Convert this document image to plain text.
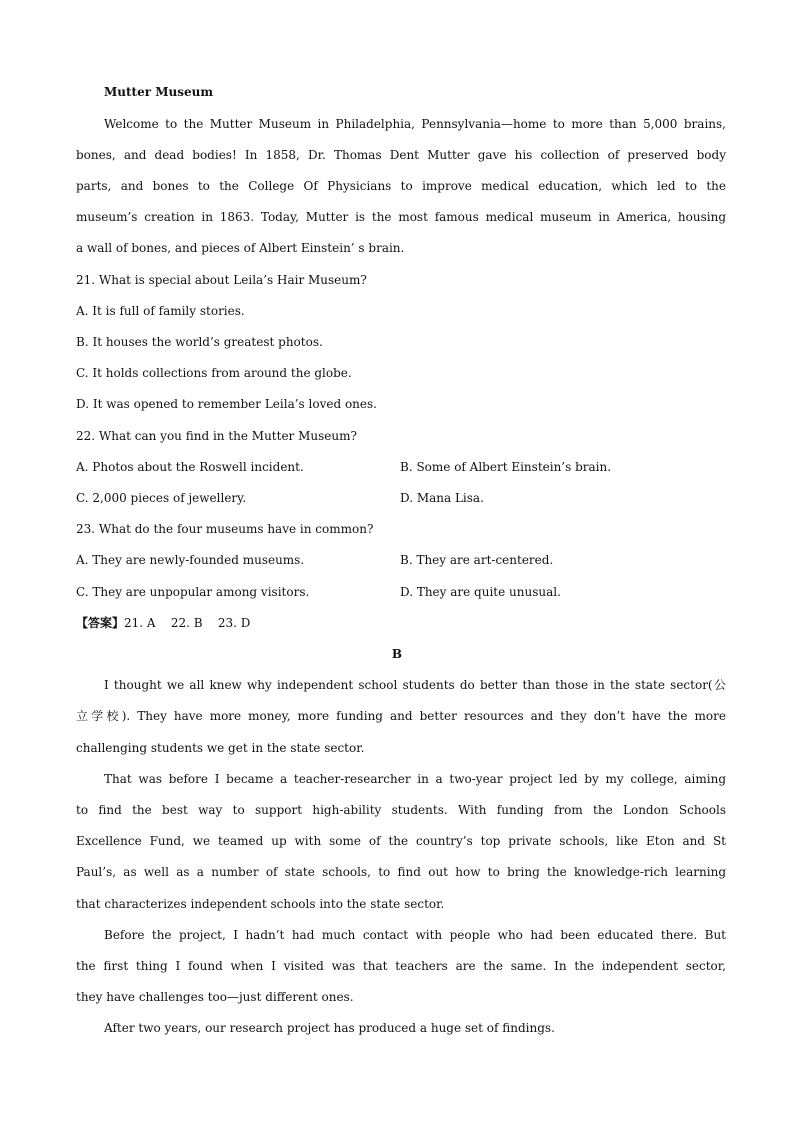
Mutter Museum
Welcome to the Mutter Museum in Philadelphia, Pennsylvania—home to more than 5,000 brains,
bones, and dead bodies! In 1858, Dr. Thomas Dent Mutter gave his collection of preserved body
parts, and bones to the College Of Physicians to improve medical education, which led to the
museum’s creation in 1863. Today, Mutter is the most famous medical museum in America, housing
a wall of bones, and pieces of Albert Einstein’ s brain.
21. What is special about Leila’s Hair Museum?
A. It is full of family stories.
B. It houses the world’s greatest photos.
C. It holds collections from around the globe.
D. It was opened to remember Leila’s loved ones.
22. What can you find in the Mutter Museum?
A. Photos about the Roswell incident.	B. Some of Albert Einstein’s brain.
C. 2,000 pieces of jewellery.	D. Mana Lisa.
23. What do the four museums have in common?
A. They are newly-founded museums.	B. They are art-centered.
C. They are unpopular among visitors.	D. They are quite unusual.
【答案】21. A    22. B    23. D
B
I thought we all knew why independent school students do better than those in the state sector(公
立学校). They have more money, more funding and better resources and they don’t have the more
challenging students we get in the state sector.
That was before I became a teacher-researcher in a two-year project led by my college, aiming
to find the best way to support high-ability students. With funding from the London Schools
Excellence Fund, we teamed up with some of the country’s top private schools, like Eton and St
Paul’s, as well as a number of state schools, to find out how to bring the knowledge-rich learning
that characterizes independent schools into the state sector.
Before the project, I hadn’t had much contact with people who had been educated there. But
the first thing I found when I visited was that teachers are the same. In the independent sector,
they have challenges too—just different ones.
After two years, our research project has produced a huge set of findings.
